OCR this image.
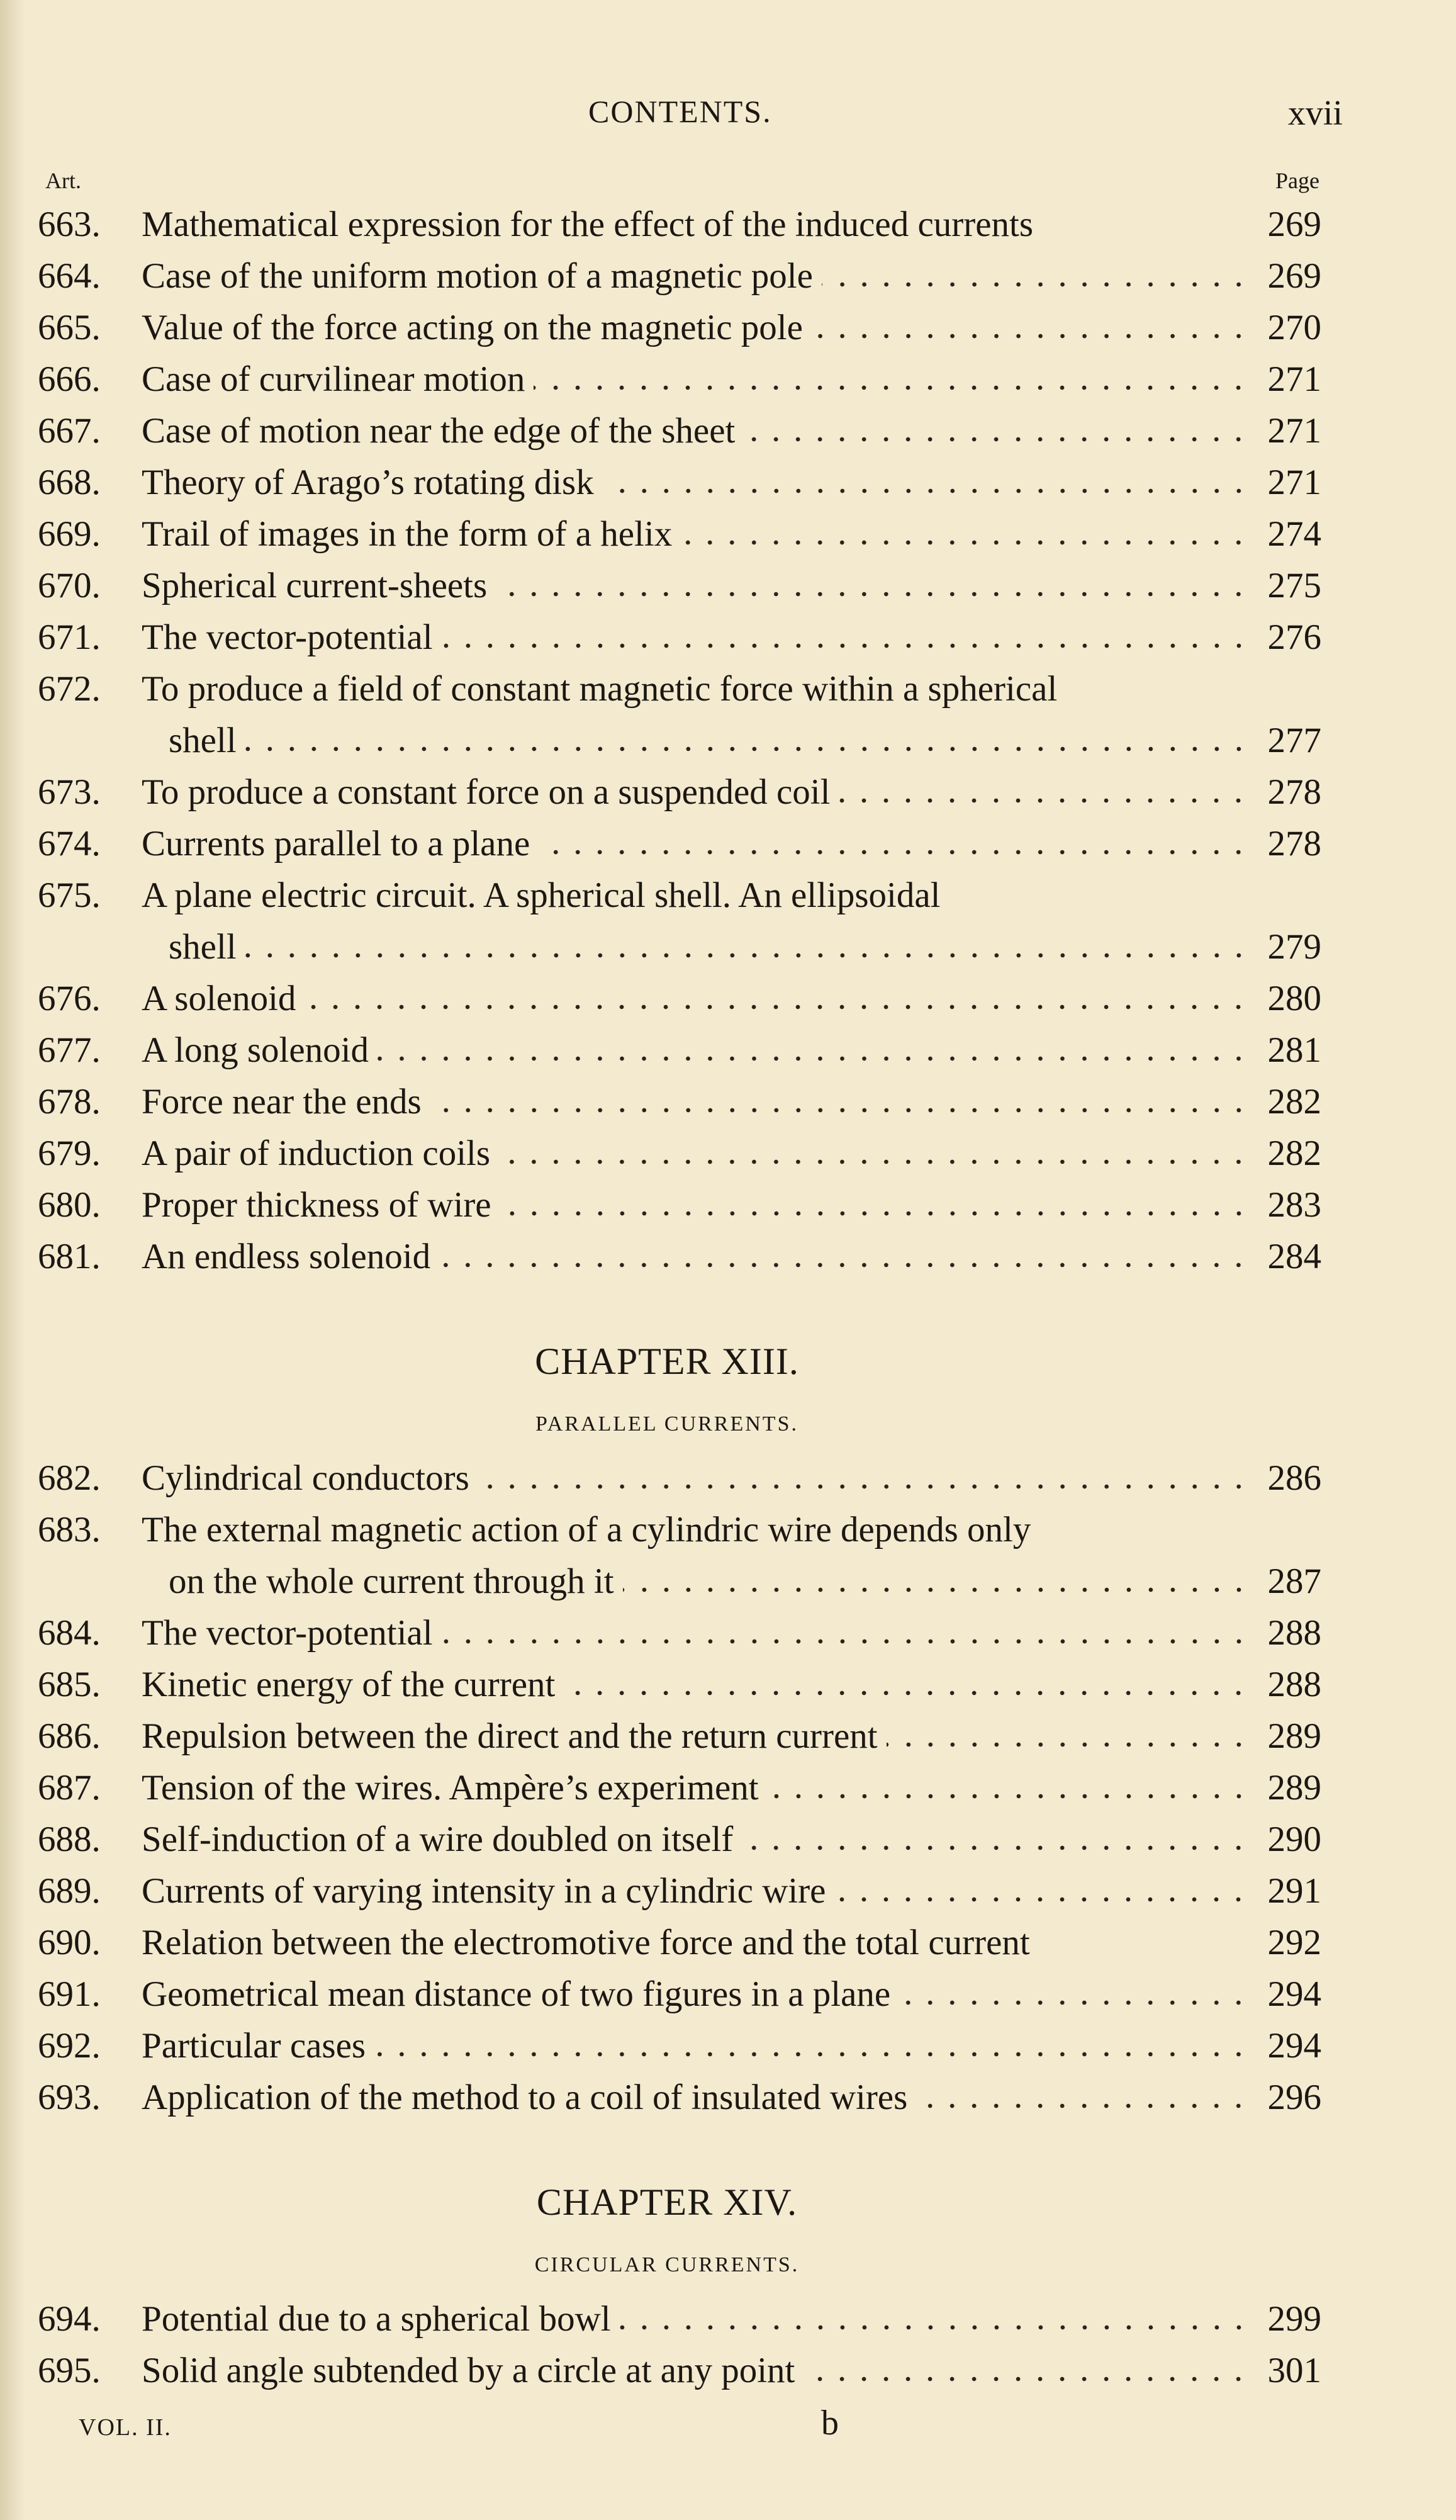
CONTENTS.	xvii
Art.	Page
663.	Mathematical expression for the effect of the induced currents	269
664.	Case of the uniform motion of a magnetic pole	269
665.	Value of the force acting on the magnetic pole	270
666.	Case of curvilinear motion	271
667.	Case of motion near the edge of the sheet	271
668.	Theory of Arago’s rotating disk	271
669.	Trail of images in the form of a helix	274
670.	Spherical current-sheets	275
671.	The vector-potential	276
672.	To produce a field of constant magnetic force within a spherical
shell	277
673.	To produce a constant force on a suspended coil	278
674.	Currents parallel to a plane	278
675.	A plane electric circuit. A spherical shell. An ellipsoidal
shell	279
676.	A solenoid	280
677.	A long solenoid	281
678.	Force near the ends	282
679.	A pair of induction coils	282
680.	Proper thickness of wire	283
681.	An endless solenoid	284
CHAPTER XIII.
PARALLEL CURRENTS.
682.	Cylindrical conductors	286
683.	The external magnetic action of a cylindric wire depends only
on the whole current through it	287
684.	The vector-potential	288
685.	Kinetic energy of the current	288
686.	Repulsion between the direct and the return current	289
687.	Tension of the wires. Ampère’s experiment	289
688.	Self-induction of a wire doubled on itself	290
689.	Currents of varying intensity in a cylindric wire	291
690.	Relation between the electromotive force and the total current	292
691.	Geometrical mean distance of two figures in a plane	294
692.	Particular cases	294
693.	Application of the method to a coil of insulated wires	296
CHAPTER XIV.
CIRCULAR CURRENTS.
694.	Potential due to a spherical bowl	299
695.	Solid angle subtended by a circle at any point	301
VOL. II.	b
